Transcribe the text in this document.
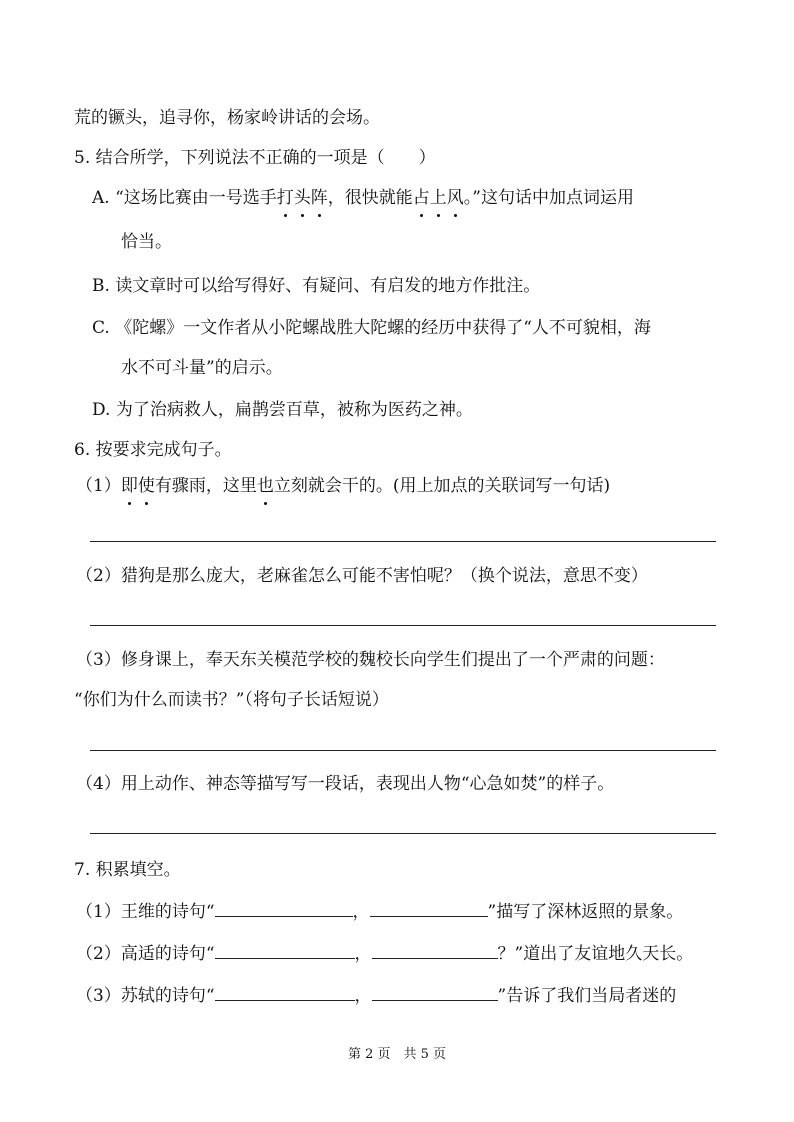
荒的镢头，追寻你，杨家岭讲话的会场。
5. 结合所学，下列说法不正确的一项是（　　）
A. “这场比赛由一号选手打头阵，很快就能占上风。”这句话中加点词运用
恰当。
B. 读文章时可以给写得好、有疑问、有启发的地方作批注。
C. 《陀螺》一文作者从小陀螺战胜大陀螺的经历中获得了“人不可貌相，海
水不可斗量”的启示。
D. 为了治病救人，扁鹊尝百草，被称为医药之神。
6. 按要求完成句子。
（1）即使有骤雨，这里也立刻就会干的。(用上加点的关联词写一句话)
（2）猎狗是那么庞大，老麻雀怎么可能不害怕呢？（换个说法，意思不变）
（3）修身课上，奉天东关模范学校的魏校长向学生们提出了一个严肃的问题：
“你们为什么而读书？”（将句子长话短说）
（4）用上动作、神态等描写写一段话，表现出人物“心急如焚”的样子。
7. 积累填空。
（1）王维的诗句“	，	”描写了深林返照的景象。
（2）高适的诗句“	，	？”道出了友谊地久天长。
（3）苏轼的诗句“	，	”告诉了我们当局者迷的
第 2 页　共 5 页
